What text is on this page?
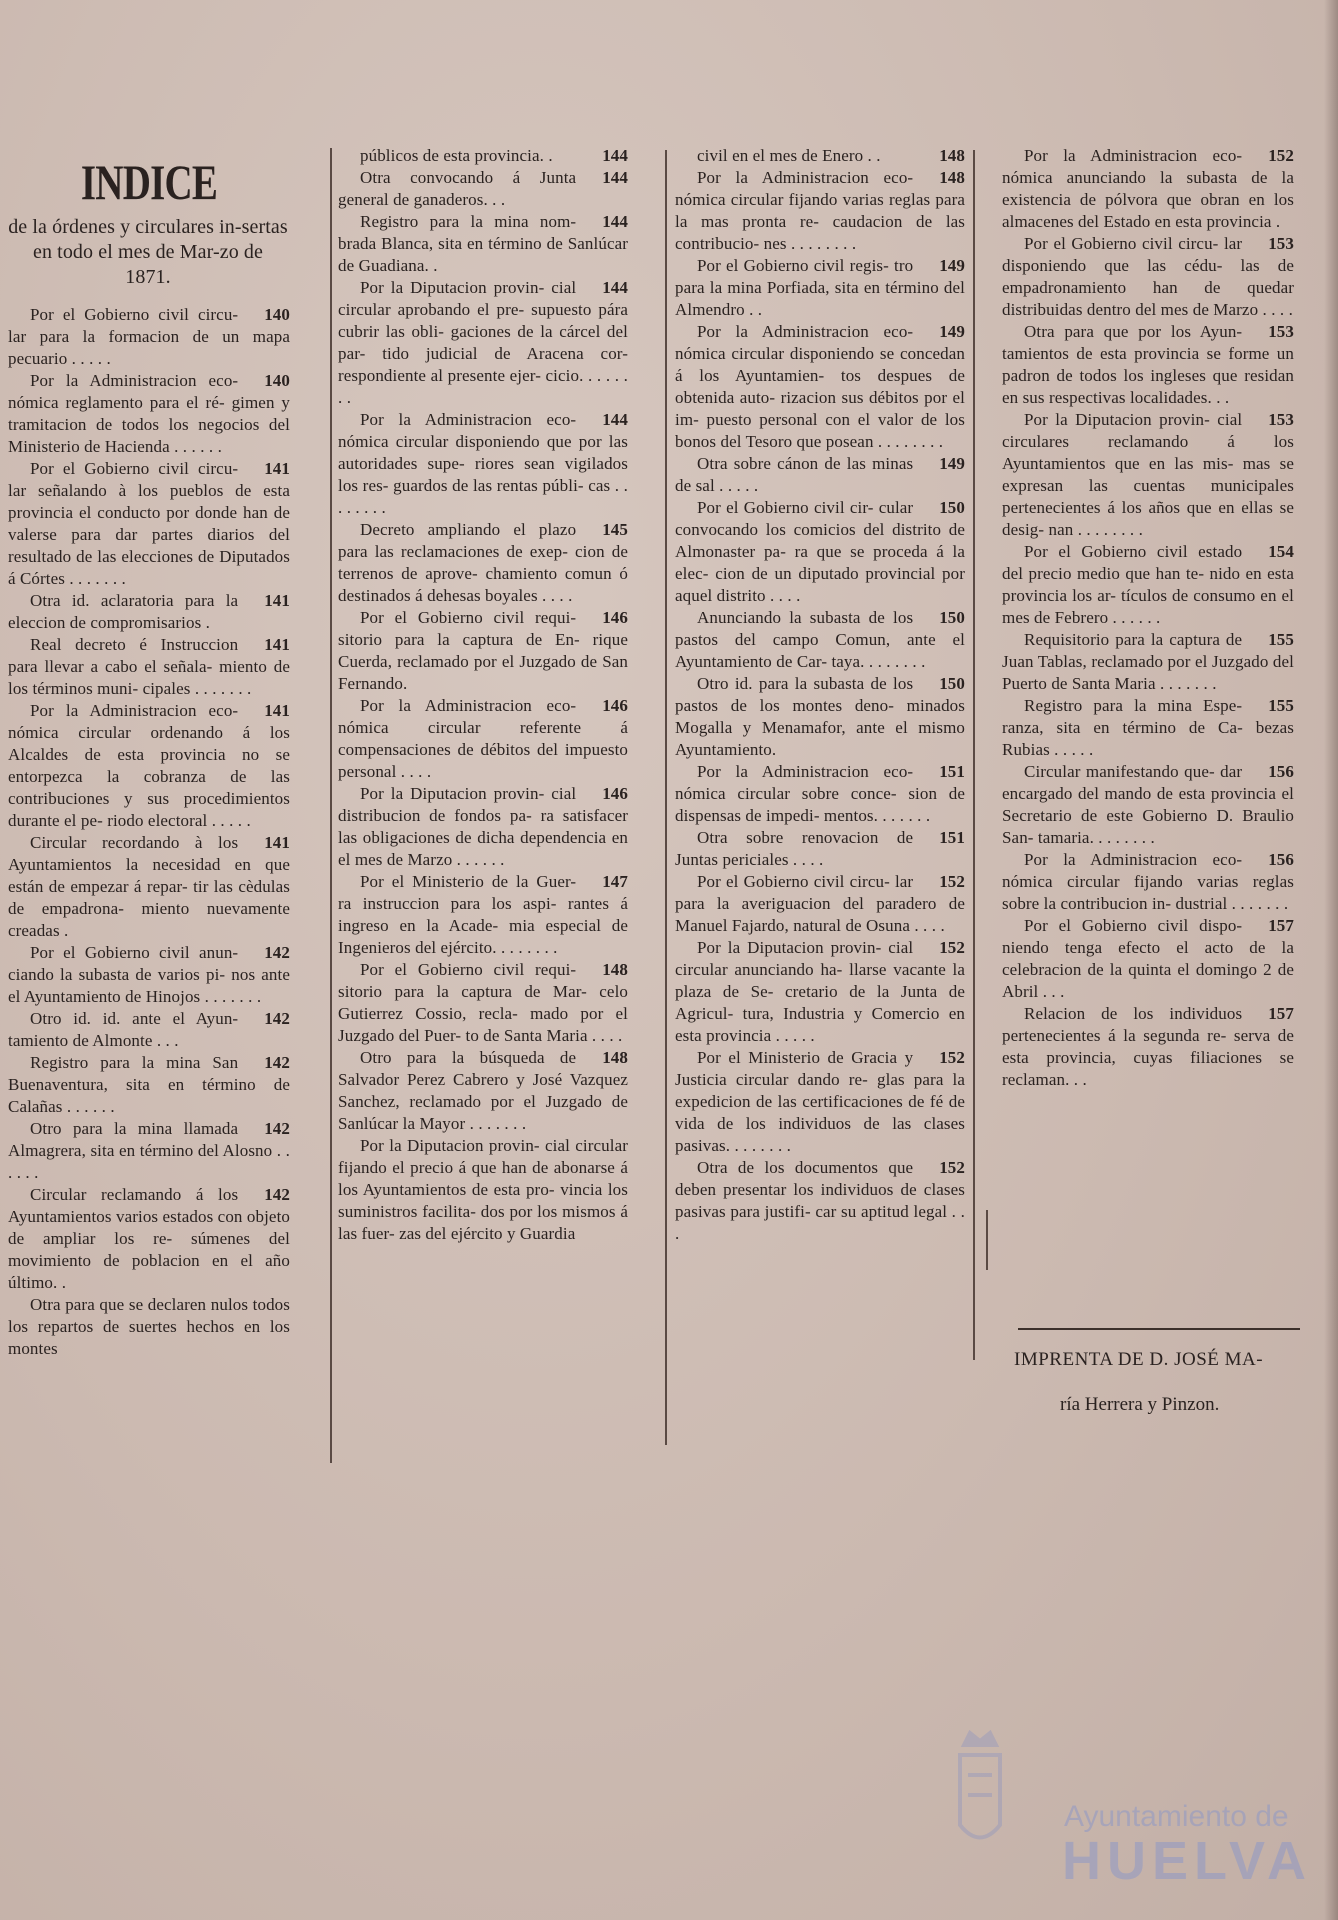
INDICE
de la órdenes y circulares in-sertas en todo el mes de Mar-zo de 1871.

140
Por el Gobierno civil circu- lar para la formacion de un mapa pecuario . . . . .

140
Por la Administracion eco- nómica reglamento para el ré- gimen y tramitacion de todos los negocios del Ministerio de Hacienda . . . . . .

141
Por el Gobierno civil circu- lar señalando à los pueblos de esta provincia el conducto por donde han de valerse para dar partes diarios del resultado de las elecciones de Diputados á Córtes . . . . . . .

141
Otra id. aclaratoria para la eleccion de compromisarios .

141
Real decreto é Instruccion para llevar a cabo el señala- miento de los términos muni- cipales . . . . . . .

141
Por la Administracion eco- nómica circular ordenando á los Alcaldes de esta provincia no se entorpezca la cobranza de las contribuciones y sus procedimientos durante el pe- riodo electoral . . . . .

141
Circular recordando à los Ayuntamientos la necesidad en que están de empezar á repar- tir las cèdulas de empadrona- miento nuevamente creadas .

142
Por el Gobierno civil anun- ciando la subasta de varios pi- nos ante el Ayuntamiento de Hinojos . . . . . . .

142
Otro id. id. ante el Ayun- tamiento de Almonte . . .

142
Registro para la mina San Buenaventura, sita en término de Calañas . . . . . .

142
Otro para la mina llamada Almagrera, sita en término del Alosno . . . . . .

142
Circular reclamando á los Ayuntamientos varios estados con objeto de ampliar los re- súmenes del movimiento de poblacion en el año último. .

Otra para que se declaren nulos todos los repartos de suertes hechos en los montes

144
públicos de esta provincia. .

144
Otra convocando á Junta general de ganaderos. . .

144
Registro para la mina nom- brada Blanca, sita en término de Sanlúcar de Guadiana. .

144
Por la Diputacion provin- cial circular aprobando el pre- supuesto pára cubrir las obli- gaciones de la cárcel del par- tido judicial de Aracena cor- respondiente al presente ejer- cicio. . . . . . . .

144
Por la Administracion eco- nómica circular disponiendo que por las autoridades supe- riores sean vigilados los res- guardos de las rentas públi- cas . . . . . . . .

145
Decreto ampliando el plazo para las reclamaciones de exep- cion de terrenos de aprove- chamiento comun ó destinados á dehesas boyales . . . .

146
Por el Gobierno civil requi- sitorio para la captura de En- rique Cuerda, reclamado por el Juzgado de San Fernando.

146
Por la Administracion eco- nómica circular referente á compensaciones de débitos del impuesto personal . . . .

146
Por la Diputacion provin- cial distribucion de fondos pa- ra satisfacer las obligaciones de dicha dependencia en el mes de Marzo . . . . . .

147
Por el Ministerio de la Guer- ra instruccion para los aspi- rantes á ingreso en la Acade- mia especial de Ingenieros del ejército. . . . . . . .

148
Por el Gobierno civil requi- sitorio para la captura de Mar- celo Gutierrez Cossio, recla- mado por el Juzgado del Puer- to de Santa Maria . . . .

148
Otro para la búsqueda de Salvador Perez Cabrero y José Vazquez Sanchez, reclamado por el Juzgado de Sanlúcar la Mayor . . . . . . .

Por la Diputacion provin- cial circular fijando el precio á que han de abonarse á los Ayuntamientos de esta pro- vincia los suministros facilita- dos por los mismos á las fuer- zas del ejército y Guardia

148
civil en el mes de Enero . .

148
Por la Administracion eco- nómica circular fijando varias reglas para la mas pronta re- caudacion de las contribucio- nes . . . . . . . .

149
Por el Gobierno civil regis- tro para la mina Porfiada, sita en término del Almendro . .

149
Por la Administracion eco- nómica circular disponiendo se concedan á los Ayuntamien- tos despues de obtenida auto- rizacion sus débitos por el im- puesto personal con el valor de los bonos del Tesoro que posean . . . . . . . .

149
Otra sobre cánon de las minas de sal . . . . .

150
Por el Gobierno civil cir- cular convocando los comicios del distrito de Almonaster pa- ra que se proceda á la elec- cion de un diputado provincial por aquel distrito . . . .

150
Anunciando la subasta de los pastos del campo Comun, ante el Ayuntamiento de Car- taya. . . . . . . .

150
Otro id. para la subasta de los pastos de los montes deno- minados Mogalla y Menamafor, ante el mismo Ayuntamiento.

151
Por la Administracion eco- nómica circular sobre conce- sion de dispensas de impedi- mentos. . . . . . .

151
Otra sobre renovacion de Juntas periciales . . . .

152
Por el Gobierno civil circu- lar para la averiguacion del paradero de Manuel Fajardo, natural de Osuna . . . .

152
Por la Diputacion provin- cial circular anunciando ha- llarse vacante la plaza de Se- cretario de la Junta de Agricul- tura, Industria y Comercio en esta provincia . . . . .

152
Por el Ministerio de Gracia y Justicia circular dando re- glas para la expedicion de las certificaciones de fé de vida de los individuos de las clases pasivas. . . . . . . .

152
Otra de los documentos que deben presentar los individuos de clases pasivas para justifi- car su aptitud legal . . .

152
Por la Administracion eco- nómica anunciando la subasta de la existencia de pólvora que obran en los almacenes del Estado en esta provincia .

153
Por el Gobierno civil circu- lar disponiendo que las cédu- las de empadronamiento han de quedar distribuidas dentro del mes de Marzo . . . .

153
Otra para que por los Ayun- tamientos de esta provincia se forme un padron de todos los ingleses que residan en sus respectivas localidades. . .

153
Por la Diputacion provin- cial circulares reclamando á los Ayuntamientos que en las mis- mas se expresan las cuentas municipales pertenecientes á los años que en ellas se desig- nan . . . . . . . .

154
Por el Gobierno civil estado del precio medio que han te- nido en esta provincia los ar- tículos de consumo en el mes de Febrero . . . . . .

155
Requisitorio para la captura de Juan Tablas, reclamado por el Juzgado del Puerto de Santa Maria . . . . . . .

155
Registro para la mina Espe- ranza, sita en término de Ca- bezas Rubias . . . . .

156
Circular manifestando que- dar encargado del mando de esta provincia el Secretario de este Gobierno D. Braulio San- tamaria. . . . . . . .

156
Por la Administracion eco- nómica circular fijando varias reglas sobre la contribucion in- dustrial . . . . . . .

157
Por el Gobierno civil dispo- niendo tenga efecto el acto de la celebracion de la quinta el domingo 2 de Abril . . .

157
Relacion de los individuos pertenecientes á la segunda re- serva de esta provincia, cuyas filiaciones se reclaman. . .

IMPRENTA DE D. JOSÉ MA-
ría Herrera y Pinzon.
Ayuntamiento de
HUELVA
